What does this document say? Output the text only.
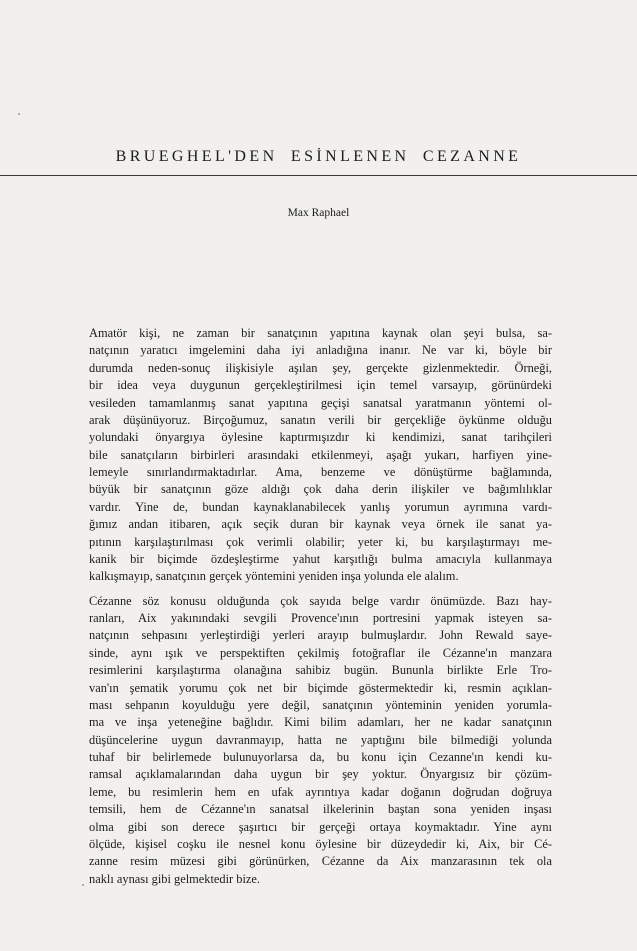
BRUEGHEL'DEN ESİNLENEN CEZANNE
Max Raphael
Amatör kişi, ne zaman bir sanatçının yapıtına kaynak olan şeyi bulsa, sa-
natçının yaratıcı imgelemini daha iyi anladığına inanır. Ne var ki, böyle bir
durumda neden-sonuç ilişkisiyle aşılan şey, gerçekte gizlenmektedir. Örneği,
bir idea veya duygunun gerçekleştirilmesi için temel varsayıp, görünürdeki
vesileden tamamlanmış sanat yapıtına geçişi sanatsal yaratmanın yöntemi ol-
arak düşünüyoruz. Birçoğumuz, sanatın verili bir gerçekliğe öykünme olduğu
yolundaki önyargıya öylesine kaptırmışızdır ki kendimizi, sanat tarihçileri
bile sanatçıların birbirleri arasındaki etkilenmeyi, aşağı yukarı, harfiyen yine-
lemeyle sınırlandırmaktadırlar. Ama, benzeme ve dönüştürme bağlamında,
büyük bir sanatçının göze aldığı çok daha derin ilişkiler ve bağımlılıklar
vardır. Yine de, bundan kaynaklanabilecek yanlış yorumun ayrımına vardı-
ğımız andan itibaren, açık seçik duran bir kaynak veya örnek ile sanat ya-
pıtının karşılaştırılması çok verimli olabilir; yeter ki, bu karşılaştırmayı me-
kanik bir biçimde özdeşleştirme yahut karşıtlığı bulma amacıyla kullanmaya
kalkışmayıp, sanatçının gerçek yöntemini yeniden inşa yolunda ele alalım.
Cézanne söz konusu olduğunda çok sayıda belge vardır önümüzde. Bazı hay-
ranları, Aix yakınındaki sevgili Provence'ının portresini yapmak isteyen sa-
natçının sehpasını yerleştirdiği yerleri arayıp bulmuşlardır. John Rewald saye-
sinde, aynı ışık ve perspektiften çekilmiş fotoğraflar ile Cézanne'ın manzara
resimlerini karşılaştırma olanağına sahibiz bugün. Bununla birlikte Erle Tro-
van'ın şematik yorumu çok net bir biçimde göstermektedir ki, resmin açıklan-
ması sehpanın koyulduğu yere değil, sanatçının yönteminin yeniden yorumla-
ma ve inşa yeteneğine bağlıdır. Kimi bilim adamları, her ne kadar sanatçının
düşüncelerine uygun davranmayıp, hatta ne yaptığını bile bilmediği yolunda
tuhaf bir belirlemede bulunuyorlarsa da, bu konu için Cezanne'ın kendi ku-
ramsal açıklamalarından daha uygun bir şey yoktur. Önyargısız bir çözüm-
leme, bu resimlerin hem en ufak ayrıntıya kadar doğanın doğrudan doğruya
temsili, hem de Cézanne'ın sanatsal ilkelerinin baştan sona yeniden inşası
olma gibi son derece şaşırtıcı bir gerçeği ortaya koymaktadır. Yine aynı
ölçüde, kişisel coşku ile nesnel konu öylesine bir düzeydedir ki, Aix, bir Cé-
zanne resim müzesi gibi görünürken, Cézanne da Aix manzarasının tek ola
naklı aynası gibi gelmektedir bize.
